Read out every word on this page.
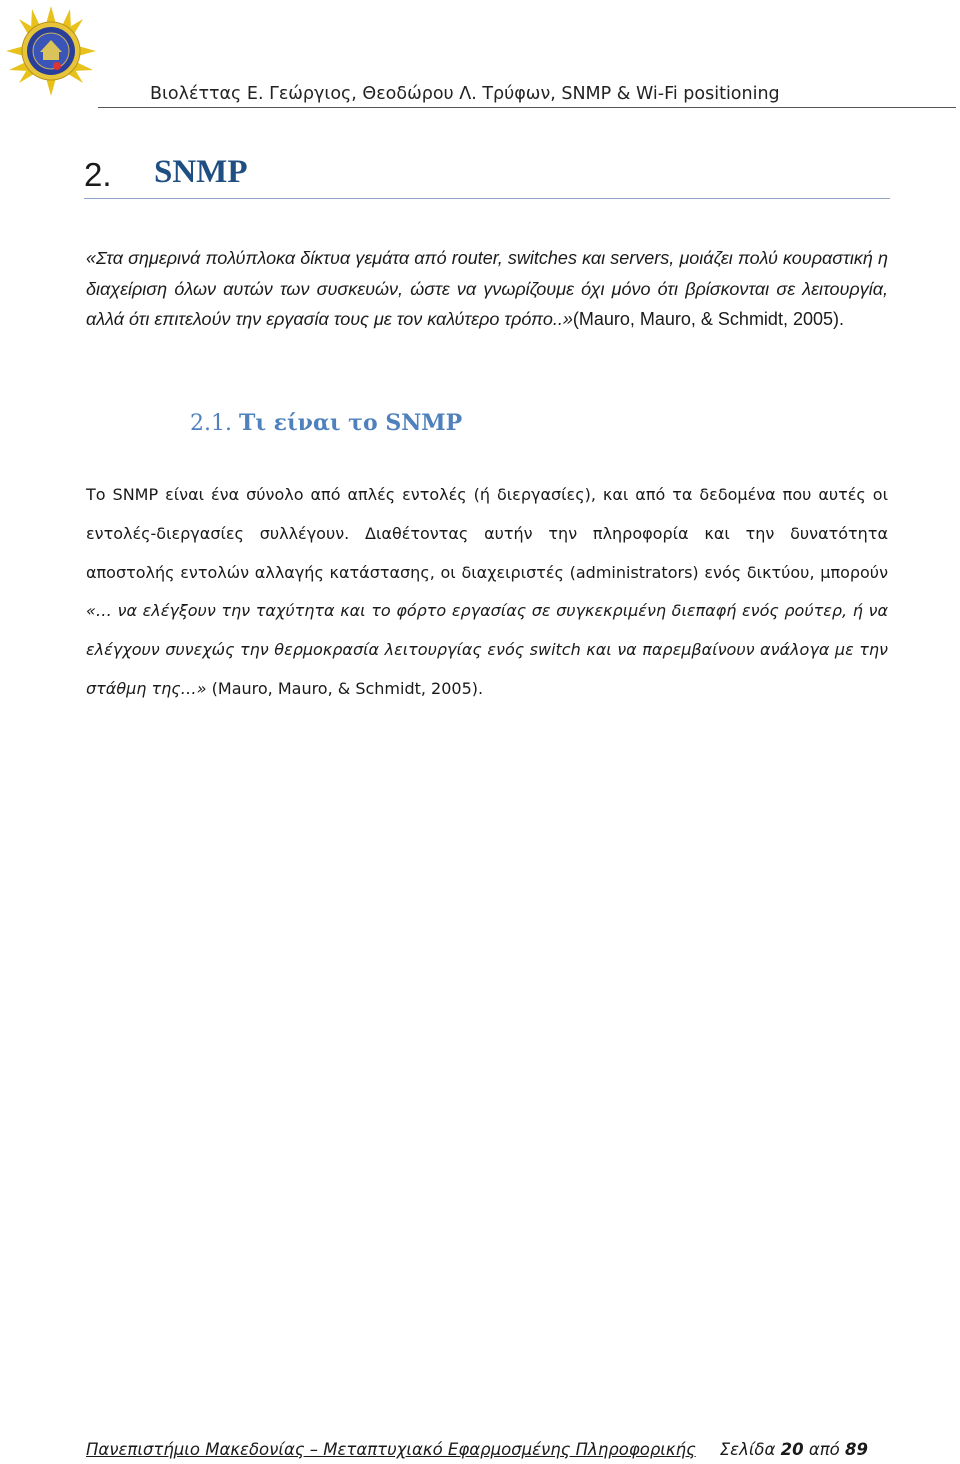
Βιολέττας Ε. Γεώργιος, Θεοδώρου Λ. Τρύφων, SNMP & Wi-Fi positioning
2. SNMP
«Στα σημερινά πολύπλοκα δίκτυα γεμάτα από router, switches και servers, μοιάζει πολύ κουραστική η διαχείριση όλων αυτών των συσκευών, ώστε να γνωρίζουμε όχι μόνο ότι βρίσκονται σε λειτουργία, αλλά ότι επιτελούν την εργασία τους με τον καλύτερο τρόπο..»(Mauro, Mauro, & Schmidt, 2005).
2.1. Τι είναι το SNMP
Το SNMP είναι ένα σύνολο από απλές εντολές (ή διεργασίες), και από τα δεδομένα που αυτές οι εντολές-διεργασίες συλλέγουν. Διαθέτοντας αυτήν την πληροφορία και την δυνατότητα αποστολής εντολών αλλαγής κατάστασης, οι διαχειριστές (administrators) ενός δικτύου, μπορούν «… να ελέγξουν την ταχύτητα και το φόρτο εργασίας σε συγκεκριμένη διεπαφή ενός ρούτερ, ή να ελέγχουν συνεχώς την θερμοκρασία λειτουργίας ενός switch και να παρεμβαίνουν ανάλογα με την στάθμη της…» (Mauro, Mauro, & Schmidt, 2005).
Πανεπιστήμιο Μακεδονίας – Μεταπτυχιακό Εφαρμοσμένης Πληροφορικής Σελίδα 20 από 89
